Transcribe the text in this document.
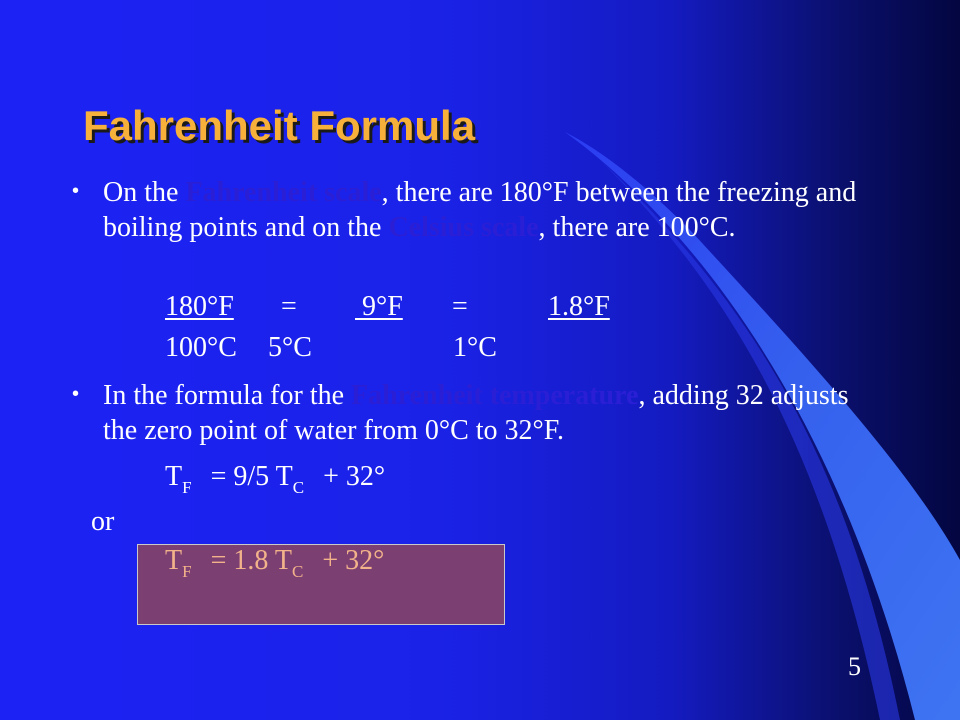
Fahrenheit Formula
• On the Fahrenheit scale, there are 180°F between the freezing and boiling points and on the Celsius scale, there are 100°C.

180°F = 9°F =	1.8°F
100°C 5°C	1°C
• In the formula for the Fahrenheit temperature, adding 32 adjusts the zero point of water from 0°C to 32°F.

$T_F = 9/5$ $T_C + 32^\circ$
or
$T_F = 1.8$ $T_C + 32^\circ$
5
